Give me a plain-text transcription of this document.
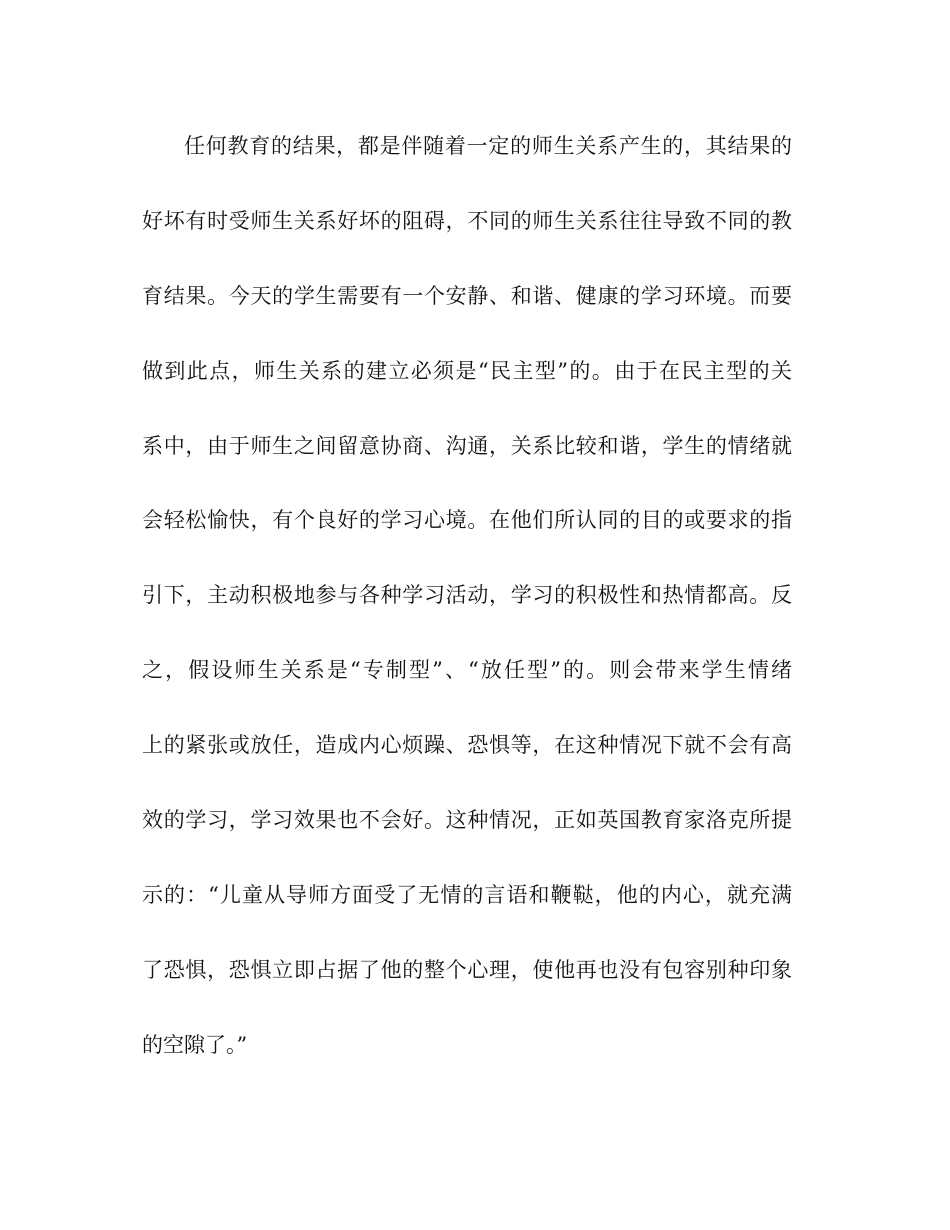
任何教育的结果，都是伴随着一定的师生关系产生的，其结果的
好坏有时受师生关系好坏的阻碍，不同的师生关系往往导致不同的教
育结果。今天的学生需要有一个安静、和谐、健康的学习环境。而要
做到此点，师生关系的建立必须是“民主型”的。由于在民主型的关
系中，由于师生之间留意协商、沟通，关系比较和谐，学生的情绪就
会轻松愉快，有个良好的学习心境。在他们所认同的目的或要求的指
引下，主动积极地参与各种学习活动，学习的积极性和热情都高。反
之，假设师生关系是“专制型”、“放任型”的。则会带来学生情绪
上的紧张或放任，造成内心烦躁、恐惧等，在这种情况下就不会有高
效的学习，学习效果也不会好。这种情况，正如英国教育家洛克所提
示的：“儿童从导师方面受了无情的言语和鞭鞑，他的内心，就充满
了恐惧，恐惧立即占据了他的整个心理，使他再也没有包容别种印象
的空隙了。”
